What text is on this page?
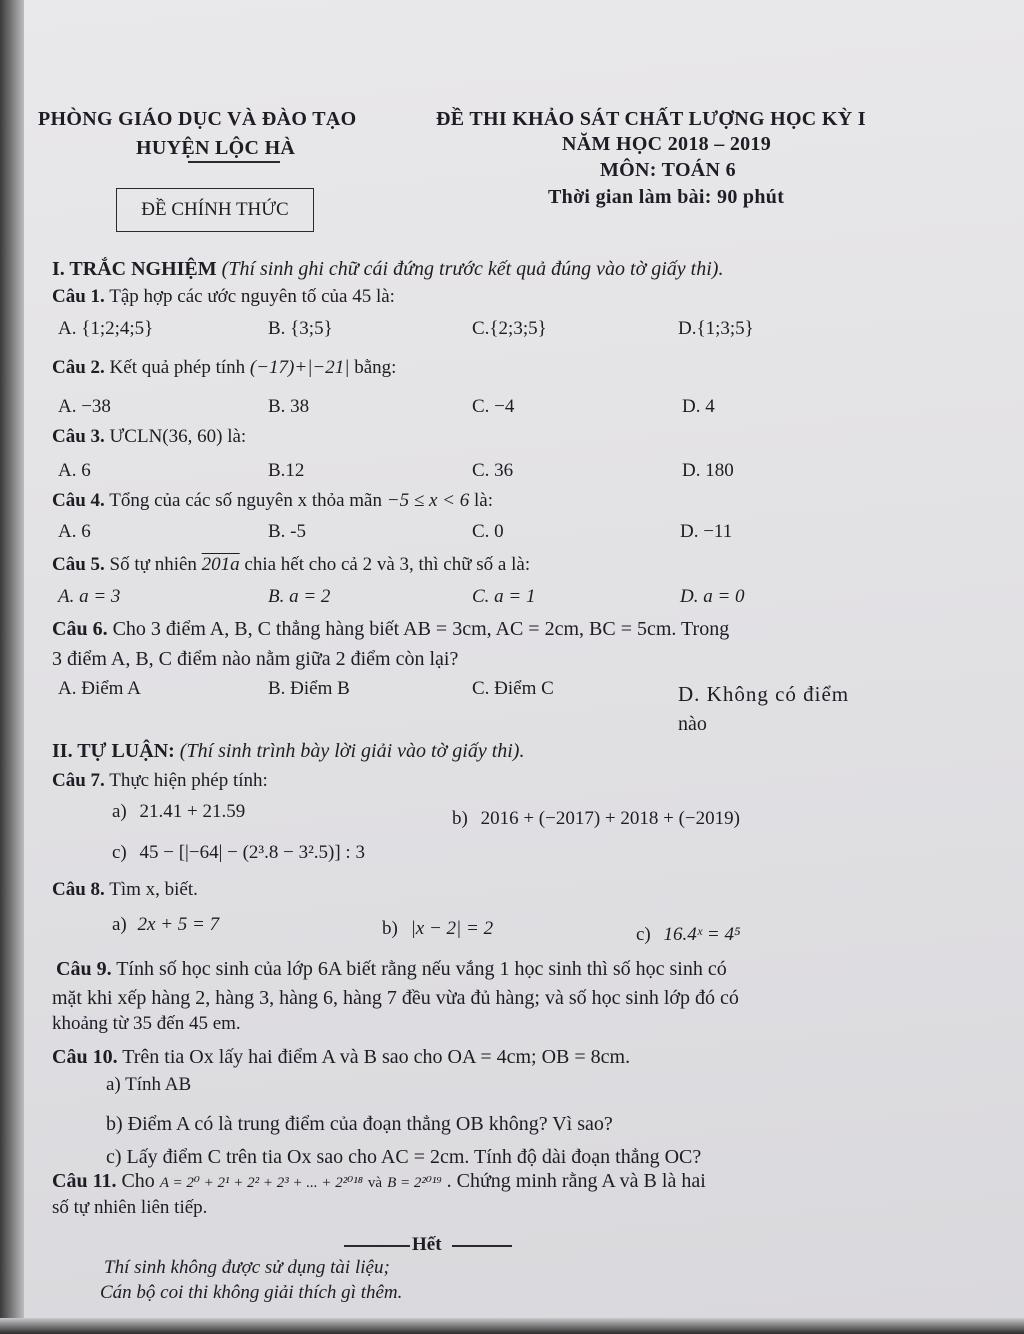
PHÒNG GIÁO DỤC VÀ ĐÀO TẠO
HUYỆN LỘC HÀ
ĐỀ CHÍNH THỨC
ĐỀ THI KHẢO SÁT CHẤT LƯỢNG HỌC KỲ I
NĂM HỌC 2018 – 2019
MÔN: TOÁN 6
Thời gian làm bài: 90 phút
I. TRẮC NGHIỆM (Thí sinh ghi chữ cái đứng trước kết quả đúng vào tờ giấy thi).
Câu 1. Tập hợp các ước nguyên tố của 45 là:
A. {1;2;4;5}	B. {3;5}	C.{2;3;5}	D.{1;3;5}
Câu 2. Kết quả phép tính (−17)+|−21| bằng:
A. −38	B. 38	C. −4	D. 4
Câu 3. ƯCLN(36, 60) là:
A. 6	B.12	C. 36	D. 180
Câu 4. Tổng của các số nguyên x thỏa mãn −5 ≤ x < 6 là:
A. 6	B. -5	C. 0	D. −11
Câu 5. Số tự nhiên 201a chia hết cho cả 2 và 3, thì chữ số a là:
A. a = 3	B. a = 2	C. a = 1	D. a = 0
Câu 6. Cho 3 điểm A, B, C thẳng hàng biết AB = 3cm, AC = 2cm, BC = 5cm. Trong
3 điểm A, B, C điểm nào nằm giữa 2 điểm còn lại?
A. Điểm A	B. Điểm B	C. Điểm C	D. Không có điểm
nào
II. TỰ LUẬN: (Thí sinh trình bày lời giải vào tờ giấy thi).
Câu 7. Thực hiện phép tính:
a) 21.41 + 21.59	b) 2016 + (−2017) + 2018 + (−2019)
c) 45 − [|−64| − (2³.8 − 3².5)] : 3
Câu 8. Tìm x, biết.
a) 2x + 5 = 7	b) |x − 2| = 2	c) 16.4ˣ = 4⁵
Câu 9. Tính số học sinh của lớp 6A biết rằng nếu vắng 1 học sinh thì số học sinh có
mặt khi xếp hàng 2, hàng 3, hàng 6, hàng 7 đều vừa đủ hàng; và số học sinh lớp đó có
khoảng từ 35 đến 45 em.
Câu 10. Trên tia Ox lấy hai điểm A và B sao cho OA = 4cm; OB = 8cm.
a) Tính AB
b) Điểm A có là trung điểm của đoạn thẳng OB không? Vì sao?
c) Lấy điểm C trên tia Ox sao cho AC = 2cm. Tính độ dài đoạn thẳng OC?
Câu 11. Cho A = 2⁰ + 2¹ + 2² + 2³ + ... + 2²⁰¹⁸ và B = 2²⁰¹⁹ . Chứng minh rằng A và B là hai
số tự nhiên liên tiếp.
Hết
Thí sinh không được sử dụng tài liệu;
Cán bộ coi thi không giải thích gì thêm.
